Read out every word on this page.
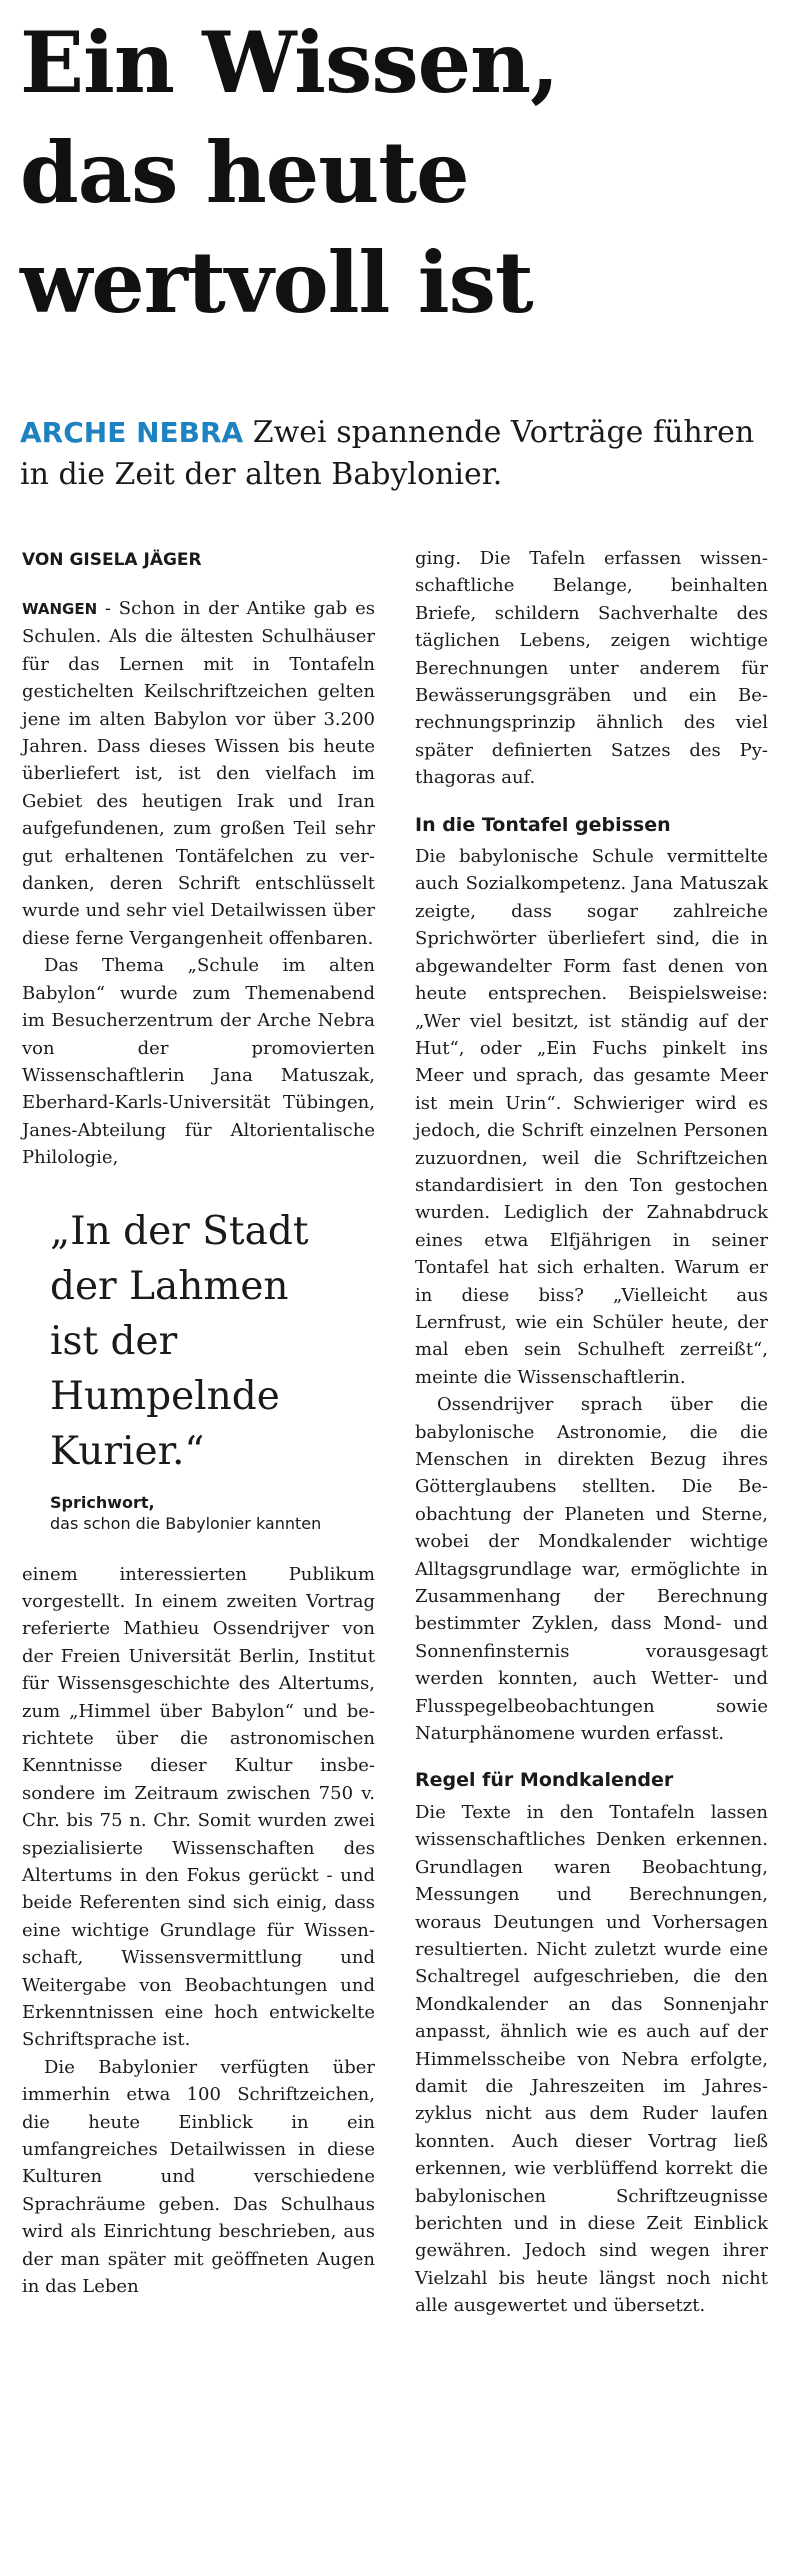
Ein Wissen,
das heute
wertvoll ist

ARCHE NEBRA Zwei spannende Vorträge führen in die Zeit der alten Babylonier.

VON GISELA JÄGER

WANGEN - Schon in der Antike gab es Schulen. Als die ältesten Schulhäuser für das Lernen mit in Tontafeln gestichelten Keilschriftzeichen gelten jene im alten Babylon vor über 3.200 Jahren. Dass dieses Wissen bis heute überliefert ist, ist den vielfach im Gebiet des heutigen Irak und Iran aufgefundenen, zum großen Teil sehr gut erhaltenen Tontäfelchen zu verdanken, deren Schrift entschlüsselt wurde und sehr viel Detailwissen über diese ferne Vergangenheit offenbaren.

Das Thema „Schule im alten Babylon“ wurde zum Themenabend im Besucherzentrum der Arche Nebra von der promovierten Wissenschaftlerin Jana Matuszak, Eberhard-Karls-Universität Tübingen, Janes-Abteilung für Altorientalische Philologie,

„In der Stadt
der Lahmen
ist der
Humpelnde
Kurier.“

Sprichwort,
das schon die Babylonier kannten

einem interessierten Publikum vorgestellt. In einem zweiten Vortrag referierte Mathieu Ossendrijver von der Freien Universität Berlin, Institut für Wissensgeschichte des Altertums, zum „Himmel über Babylon“ und berichtete über die astronomischen Kenntnisse dieser Kultur insbesondere im Zeitraum zwischen 750 v. Chr. bis 75 n. Chr. Somit wurden zwei spezialisierte Wissenschaften des Altertums in den Fokus gerückt - und beide Referenten sind sich einig, dass eine wichtige Grundlage für Wissenschaft, Wissensvermittlung und Weitergabe von Beobachtungen und Erkenntnissen eine hoch entwickelte Schriftsprache ist.

Die Babylonier verfügten über immerhin etwa 100 Schriftzeichen, die heute Einblick in ein umfangreiches Detailwissen in diese Kulturen und verschiedene Sprachräume geben. Das Schulhaus wird als Einrichtung beschrieben, aus der man später mit geöffneten Augen in das Leben

ging. Die Tafeln erfassen wissenschaftliche Belange, beinhalten Briefe, schildern Sachverhalte des täglichen Lebens, zeigen wichtige Berechnungen unter anderem für Bewässerungsgräben und ein Berechnungsprinzip ähnlich des viel später definierten Satzes des Pythagoras auf.

In die Tontafel gebissen

Die babylonische Schule vermittelte auch Sozialkompetenz. Jana Matuszak zeigte, dass sogar zahlreiche Sprichwörter überliefert sind, die in abgewandelter Form fast denen von heute entsprechen. Beispielsweise: „Wer viel besitzt, ist ständig auf der Hut“, oder „Ein Fuchs pinkelt ins Meer und sprach, das gesamte Meer ist mein Urin“. Schwieriger wird es jedoch, die Schrift einzelnen Personen zuzuordnen, weil die Schriftzeichen standardisiert in den Ton gestochen wurden. Lediglich der Zahnabdruck eines etwa Elfjährigen in seiner Tontafel hat sich erhalten. Warum er in diese biss? „Vielleicht aus Lernfrust, wie ein Schüler heute, der mal eben sein Schulheft zerreißt“, meinte die Wissenschaftlerin.

Ossendrijver sprach über die babylonische Astronomie, die die Menschen in direkten Bezug ihres Götterglaubens stellten. Die Beobachtung der Planeten und Sterne, wobei der Mondkalender wichtige Alltagsgrundlage war, ermöglichte in Zusammenhang der Berechnung bestimmter Zyklen, dass Mond- und Sonnenfinsternis vorausgesagt werden konnten, auch Wetter- und Flusspegelbeobachtungen sowie Naturphänomene wurden erfasst.

Regel für Mondkalender

Die Texte in den Tontafeln lassen wissenschaftliches Denken erkennen. Grundlagen waren Beobachtung, Messungen und Berechnungen, woraus Deutungen und Vorhersagen resultierten. Nicht zuletzt wurde eine Schaltregel aufgeschrieben, die den Mondkalender an das Sonnenjahr anpasst, ähnlich wie es auch auf der Himmelsscheibe von Nebra erfolgte, damit die Jahreszeiten im Jahreszyklus nicht aus dem Ruder laufen konnten. Auch dieser Vortrag ließ erkennen, wie verblüffend korrekt die babylonischen Schriftzeugnisse berichten und in diese Zeit Einblick gewähren. Jedoch sind wegen ihrer Vielzahl bis heute längst noch nicht alle ausgewertet und übersetzt.
